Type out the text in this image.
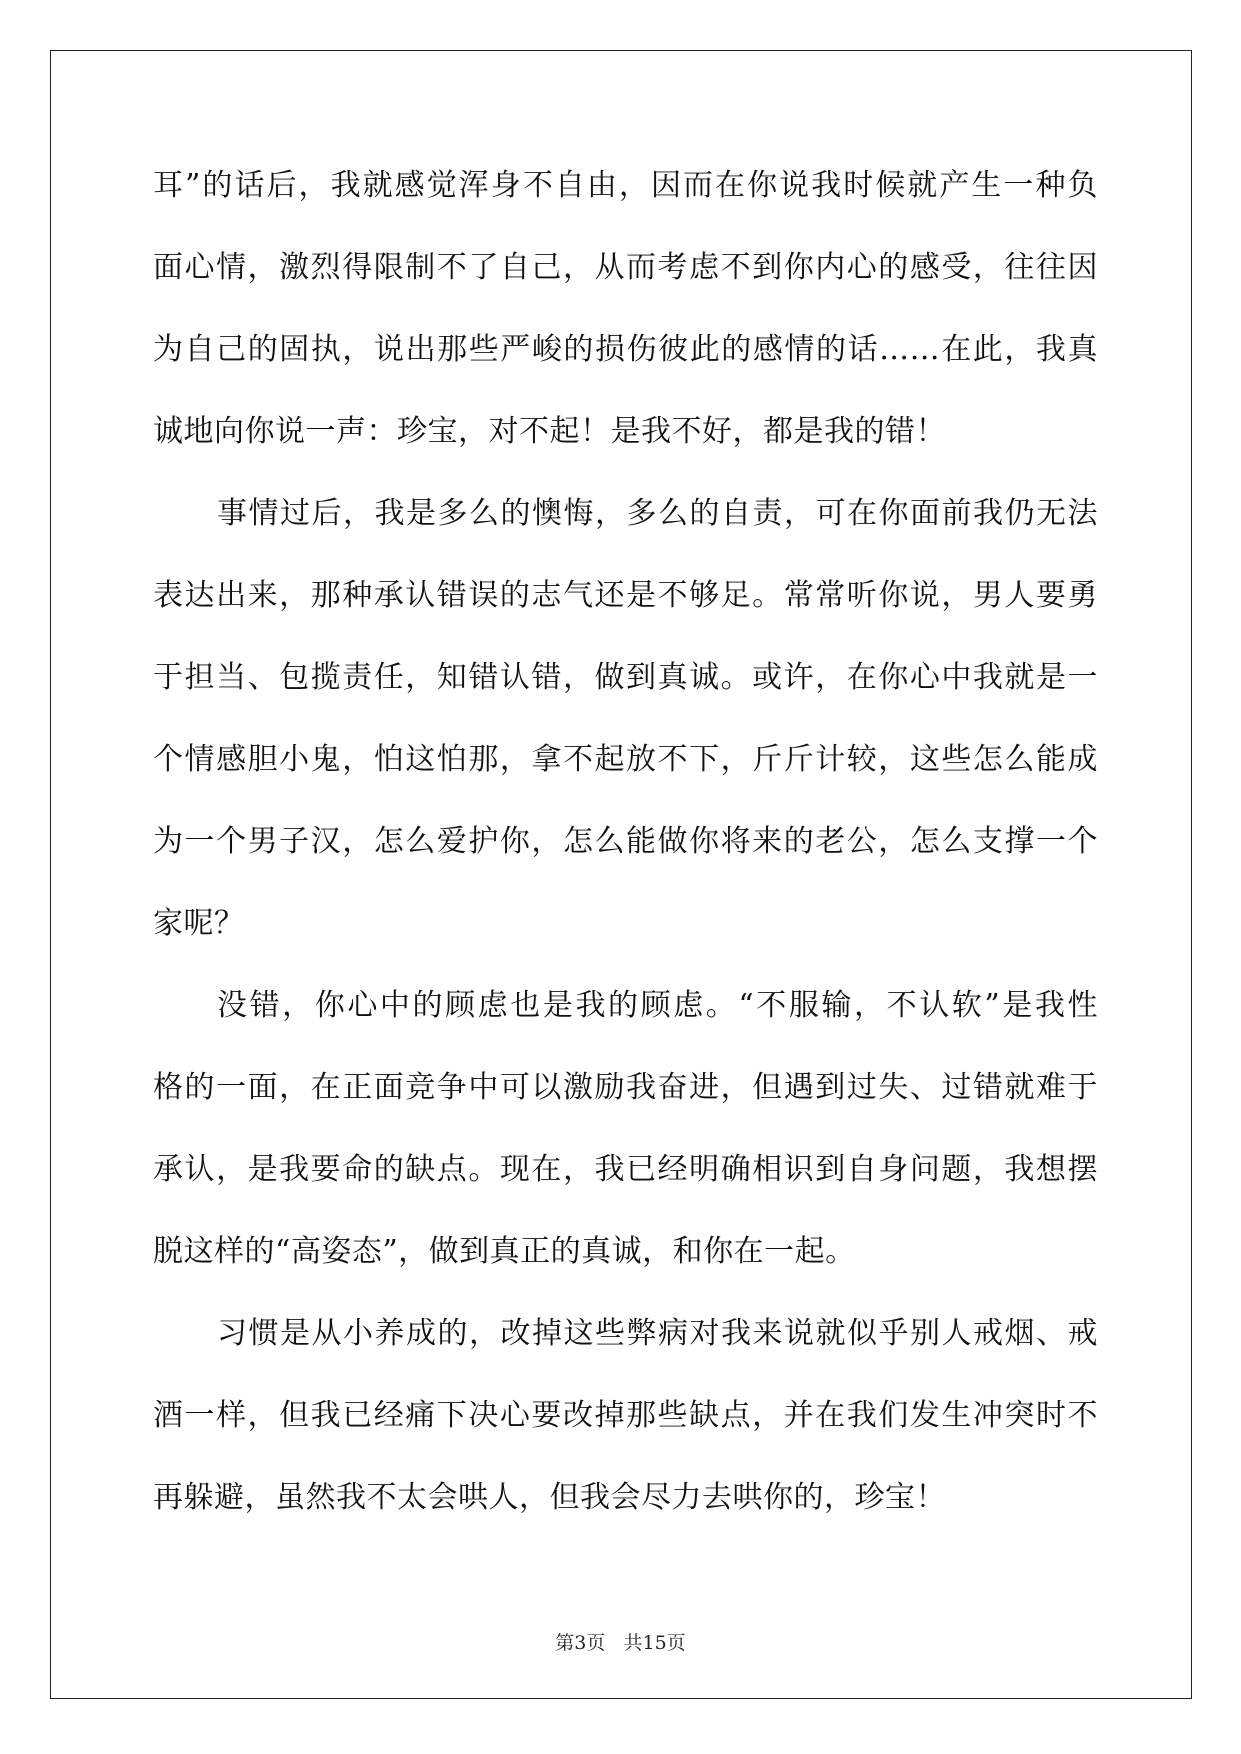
耳”的话后，我就感觉浑身不自由，因而在你说我时候就产生一种负
面心情，激烈得限制不了自己，从而考虑不到你内心的感受，往往因
为自己的固执，说出那些严峻的损伤彼此的感情的话……在此，我真
诚地向你说一声：珍宝，对不起！是我不好，都是我的错！
事情过后，我是多么的懊悔，多么的自责，可在你面前我仍无法
表达出来，那种承认错误的志气还是不够足。常常听你说，男人要勇
于担当、包揽责任，知错认错，做到真诚。或许，在你心中我就是一
个情感胆小鬼，怕这怕那，拿不起放不下，斤斤计较，这些怎么能成
为一个男子汉，怎么爱护你，怎么能做你将来的老公，怎么支撑一个
家呢？
没错，你心中的顾虑也是我的顾虑。“不服输，不认软”是我性
格的一面，在正面竞争中可以激励我奋进，但遇到过失、过错就难于
承认，是我要命的缺点。现在，我已经明确相识到自身问题，我想摆
脱这样的“高姿态”，做到真正的真诚，和你在一起。
习惯是从小养成的，改掉这些弊病对我来说就似乎别人戒烟、戒
酒一样，但我已经痛下决心要改掉那些缺点，并在我们发生冲突时不
再躲避，虽然我不太会哄人，但我会尽力去哄你的，珍宝！
第3页   共15页
